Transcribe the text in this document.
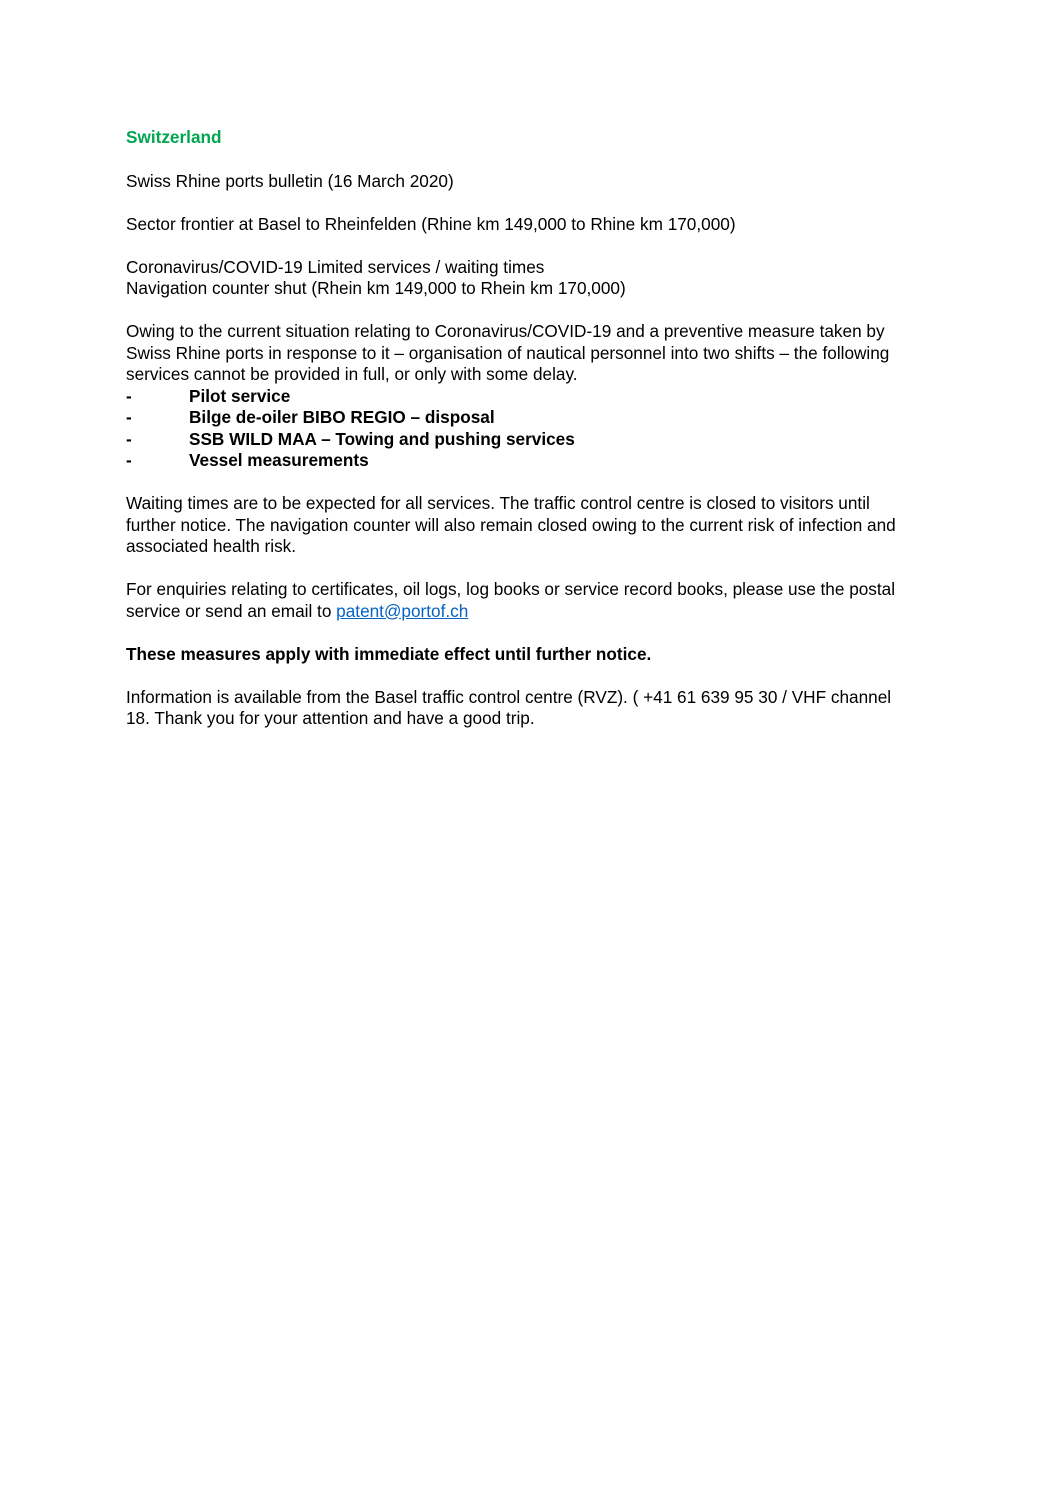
Switzerland

Swiss Rhine ports bulletin (16 March 2020)

Sector frontier at Basel to Rheinfelden (Rhine km 149,000 to Rhine km 170,000)

Coronavirus/COVID-19 Limited services / waiting times
Navigation counter shut (Rhein km 149,000 to Rhein km 170,000)

Owing to the current situation relating to Coronavirus/COVID-19 and a preventive measure taken by
Swiss Rhine ports in response to it – organisation of nautical personnel into two shifts – the following
services cannot be provided in full, or only with some delay.

-	Pilot service
-	Bilge de-oiler BIBO REGIO – disposal
-	SSB WILD MAA – Towing and pushing services
-	Vessel measurements

Waiting times are to be expected for all services. The traffic control centre is closed to visitors until
further notice. The navigation counter will also remain closed owing to the current risk of infection and
associated health risk.

For enquiries relating to certificates, oil logs, log books or service record books, please use the postal
service or send an email to patent@portof.ch

These measures apply with immediate effect until further notice.

Information is available from the Basel traffic control centre (RVZ). ( +41 61 639 95 30 / VHF channel
18. Thank you for your attention and have a good trip.
